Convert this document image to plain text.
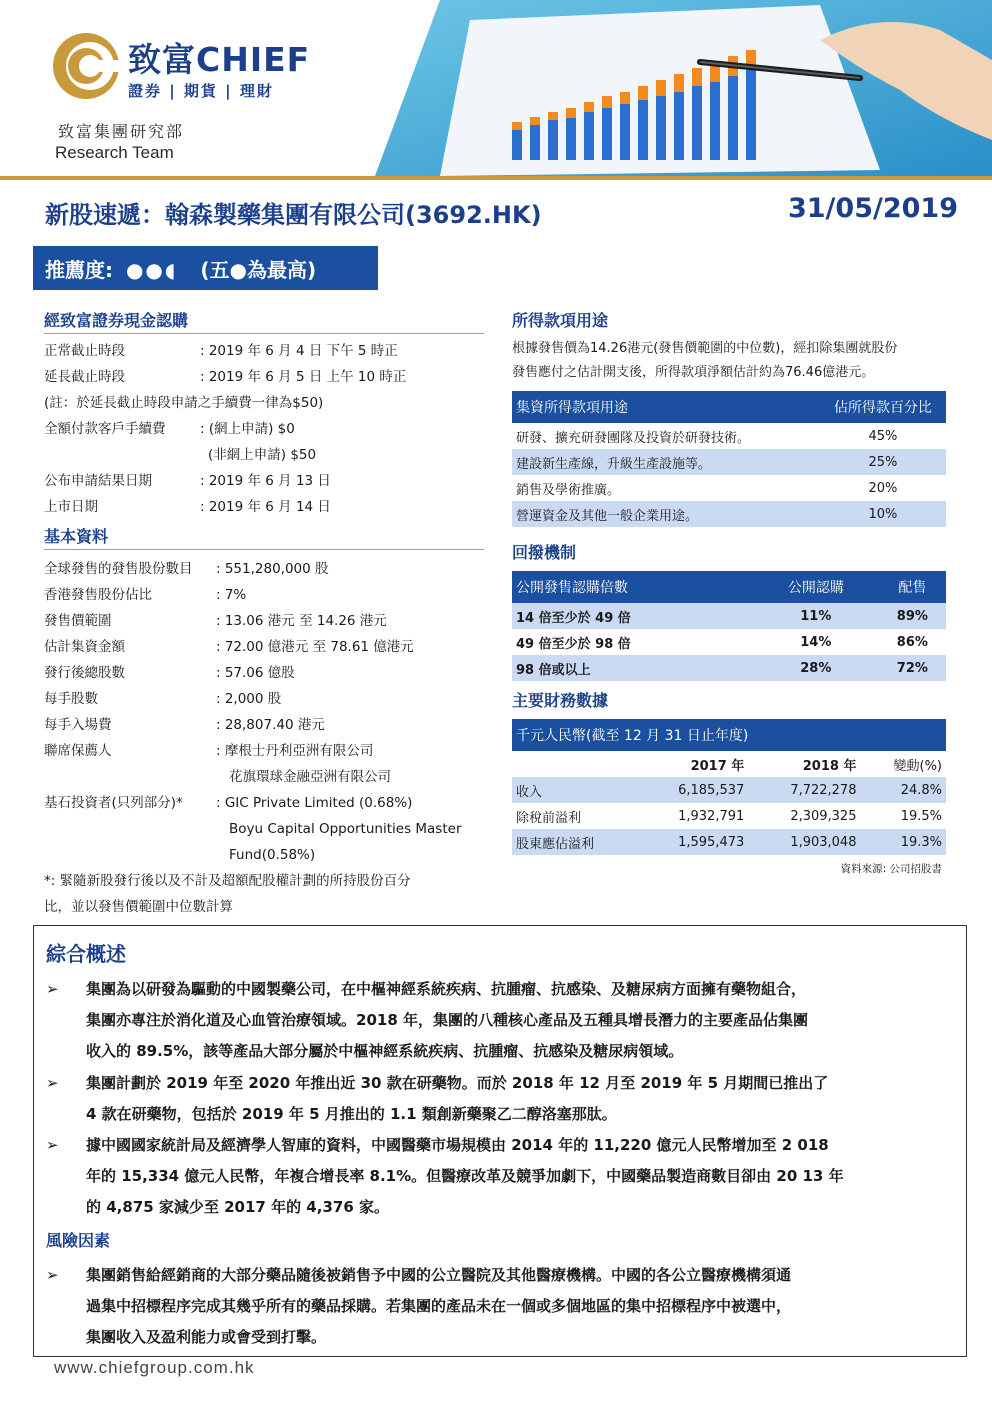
致富CHIEF
證券 | 期貨 | 理財
致富集團研究部
Research Team
新股速遞：翰森製藥集團有限公司(3692.HK)	31/05/2019
推薦度: ●●◖ (五●為最高)
經致富證券現金認購
正常截止時段	: 2019 年 6 月 4 日 下午 5 時正
延長截止時段	: 2019 年 6 月 5 日 上午 10 時正
(註：於延長截止時段申請之手續費一律為$50)
全額付款客戶手續費	: (網上申請) $0
(非網上申請) $50
公布申請結果日期	: 2019 年 6 月 13 日
上市日期	: 2019 年 6 月 14 日
基本資料
全球發售的發售股份數目	: 551,280,000 股
香港發售股份佔比	: 7%
發售價範圍	: 13.06 港元 至 14.26 港元
估計集資金額	: 72.00 億港元 至 78.61 億港元
發行後總股數	: 57.06 億股
每手股數	: 2,000 股
每手入場費	: 28,807.40 港元
聯席保薦人	: 摩根士丹利亞洲有限公司
花旗環球金融亞洲有限公司
基石投資者(只列部分)*	: GIC Private Limited (0.68%)
Boyu Capital Opportunities Master
Fund(0.58%)
*: 緊隨新股發行後以及不計及超額配股權計劃的所持股份百分
比，並以發售價範圍中位數計算
所得款項用途
根據發售價為14.26港元(發售價範圍的中位數)，經扣除集團就股份
發售應付之估計開支後，所得款項淨額估計約為76.46億港元。
集資所得款項用途	佔所得款百分比
研發、擴充研發團隊及投資於研發技術。	45%
建設新生產線，升級生產設施等。	25%
銷售及學術推廣。	20%
營運資金及其他一般企業用途。	10%
回撥機制
公開發售認購倍數	公開認購	配售
14 倍至少於 49 倍	11%	89%
49 倍至少於 98 倍	14%	86%
98 倍或以上	28%	72%
主要財務數據
千元人民幣(截至 12 月 31 日止年度)			
	2017 年	2018 年	變動(%)
收入	6,185,537	7,722,278	24.8%
除稅前溢利	1,932,791	2,309,325	19.5%
股東應佔溢利	1,595,473	1,903,048	19.3%
資料來源: 公司招股書
綜合概述
➢ 集團為以研發為驅動的中國製藥公司，在中樞神經系統疾病、抗腫瘤、抗感染、及糖尿病方面擁有藥物組合，
集團亦專注於消化道及心血管治療領域。2018 年，集團的八種核心產品及五種具增長潛力的主要產品佔集團
收入的 89.5%，該等產品大部分屬於中樞神經系統疾病、抗腫瘤、抗感染及糖尿病領域。
➢ 集團計劃於 2019 年至 2020 年推出近 30 款在研藥物。而於 2018 年 12 月至 2019 年 5 月期間已推出了
4 款在研藥物，包括於 2019 年 5 月推出的 1.1 類創新藥聚乙二醇洛塞那肽。
➢ 據中國國家統計局及經濟學人智庫的資料，中國醫藥市場規模由 2014 年的 11,220 億元人民幣增加至 2 018
年的 15,334 億元人民幣，年複合增長率 8.1%。但醫療改革及競爭加劇下，中國藥品製造商數目卻由 20 13 年
的 4,875 家減少至 2017 年的 4,376 家。
風險因素
➢ 集團銷售給經銷商的大部分藥品隨後被銷售予中國的公立醫院及其他醫療機構。中國的各公立醫療機構須通
過集中招標程序完成其幾乎所有的藥品採購。若集團的產品未在一個或多個地區的集中招標程序中被選中，
集團收入及盈利能力或會受到打擊。
www.chiefgroup.com.hk
